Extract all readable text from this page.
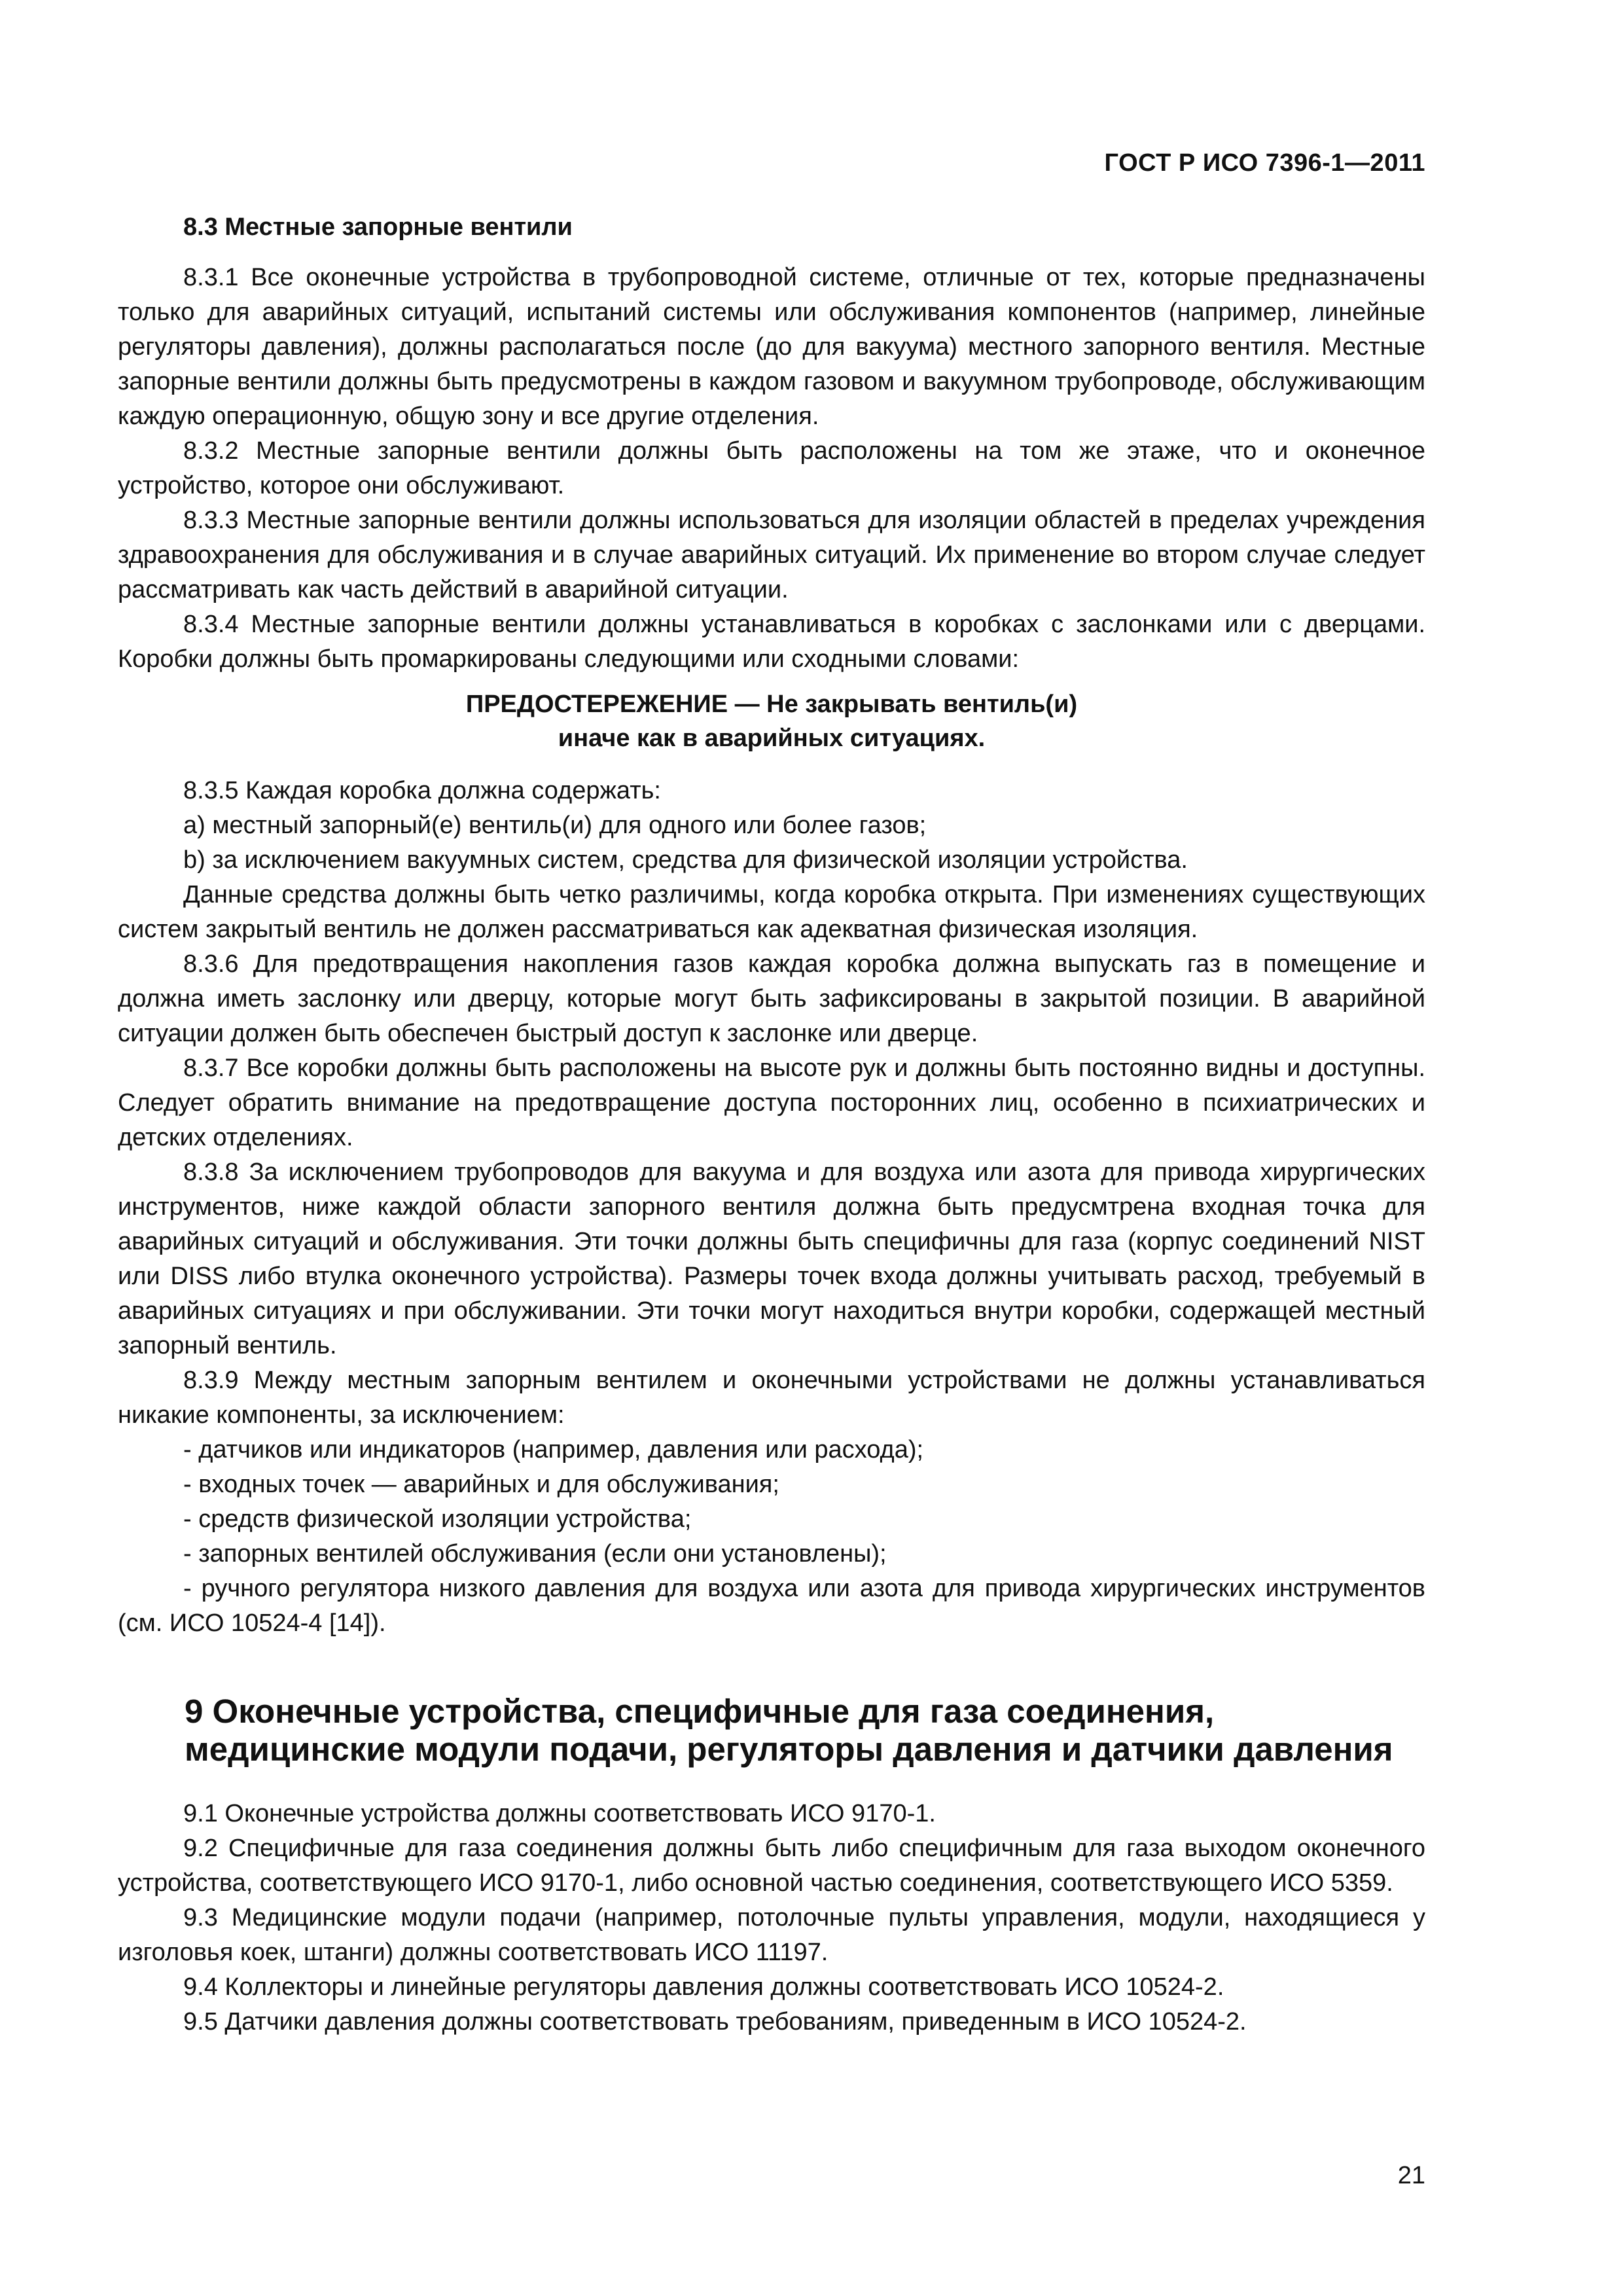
ГОСТ Р ИСО 7396-1—2011
8.3 Местные запорные вентили

8.3.1 Все оконечные устройства в трубопроводной системе, отличные от тех, которые предназначены только для аварийных ситуаций, испытаний системы или обслуживания компонентов (например, линейные регуляторы давления), должны располагаться после (до для вакуума) местного запорного вентиля. Местные запорные вентили должны быть предусмотрены в каждом газовом и вакуумном трубопроводе, обслуживающим каждую операционную, общую зону и все другие отделения.

8.3.2 Местные запорные вентили должны быть расположены на том же этаже, что и оконечное устройство, которое они обслуживают.

8.3.3 Местные запорные вентили должны использоваться для изоляции областей в пределах учреждения здравоохранения для обслуживания и в случае аварийных ситуаций. Их применение во втором случае следует рассматривать как часть действий в аварийной ситуации.

8.3.4 Местные запорные вентили должны устанавливаться в коробках с заслонками или с дверцами. Коробки должны быть промаркированы следующими или сходными словами:

ПРЕДОСТЕРЕЖЕНИЕ — Не закрывать вентиль(и)
иначе как в аварийных ситуациях.

8.3.5 Каждая коробка должна содержать:

a) местный запорный(е) вентиль(и) для одного или более газов;

b) за исключением вакуумных систем, средства для физической изоляции устройства.

Данные средства должны быть четко различимы, когда коробка открыта. При изменениях существующих систем закрытый вентиль не должен рассматриваться как адекватная физическая изоляция.

8.3.6 Для предотвращения накопления газов каждая коробка должна выпускать газ в помещение и должна иметь заслонку или дверцу, которые могут быть зафиксированы в закрытой позиции. В аварийной ситуации должен быть обеспечен быстрый доступ к заслонке или дверце.

8.3.7 Все коробки должны быть расположены на высоте рук и должны быть постоянно видны и доступны. Следует обратить внимание на предотвращение доступа посторонних лиц, особенно в психиатрических и детских отделениях.

8.3.8 За исключением трубопроводов для вакуума и для воздуха или азота для привода хирургических инструментов, ниже каждой области запорного вентиля должна быть предусмтрена входная точка для аварийных ситуаций и обслуживания. Эти точки должны быть специфичны для газа (корпус соединений NIST или DISS либо втулка оконечного устройства). Размеры точек входа должны учитывать расход, требуемый в аварийных ситуациях и при обслуживании. Эти точки могут находиться внутри коробки, содержащей местный запорный вентиль.

8.3.9 Между местным запорным вентилем и оконечными устройствами не должны устанавливаться никакие компоненты, за исключением:

- датчиков или индикаторов (например, давления или расхода);

- входных точек — аварийных и для обслуживания;

- средств физической изоляции устройства;

- запорных вентилей обслуживания (если они установлены);

- ручного регулятора низкого давления для воздуха или азота для привода хирургических инструментов (см. ИСО 10524-4 [14]).

9 Оконечные устройства, специфичные для газа соединения, медицинские модули подачи, регуляторы давления и датчики давления

9.1 Оконечные устройства должны соответствовать ИСО 9170-1.

9.2 Специфичные для газа соединения должны быть либо специфичным для газа выходом оконечного устройства, соответствующего ИСО 9170-1, либо основной частью соединения, соответствующего ИСО 5359.

9.3 Медицинские модули подачи (например, потолочные пульты управления, модули, находящиеся у изголовья коек, штанги) должны соответствовать ИСО 11197.

9.4 Коллекторы и линейные регуляторы давления должны соответствовать ИСО 10524-2.

9.5 Датчики давления должны соответствовать требованиям, приведенным в ИСО 10524-2.

21
